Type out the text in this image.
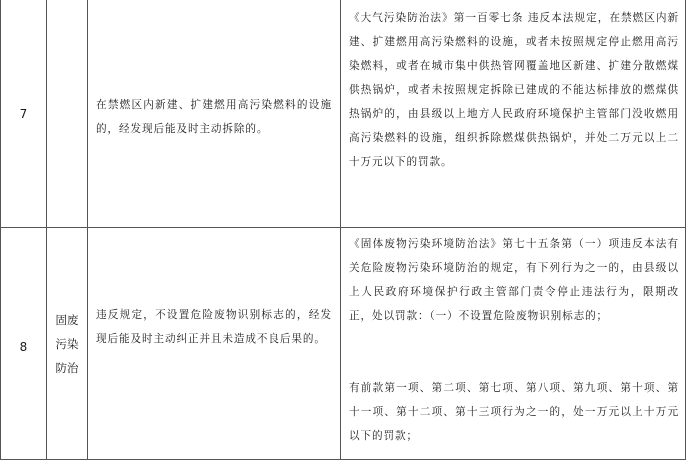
7
在禁燃区内新建、扩建燃用高污染燃料的设施的，经发现后能及时主动拆除的。
《大气污染防治法》第一百零七条 违反本法规定，在禁燃区内新建、扩建燃用高污染燃料的设施，或者未按照规定停止燃用高污染燃料，或者在城市集中供热管网覆盖地区新建、扩建分散燃煤供热锅炉，或者未按照规定拆除已建成的不能达标排放的燃煤供热锅炉的，由县级以上地方人民政府环境保护主管部门没收燃用高污染燃料的设施，组织拆除燃煤供热锅炉，并处二万元以上二十万元以下的罚款。
8
固废
污染
防治
违反规定，不设置危险废物识别标志的，经发现后能及时主动纠正并且未造成不良后果的。
《固体废物污染环境防治法》第七十五条第（一）项违反本法有关危险废物污染环境防治的规定，有下列行为之一的，由县级以上人民政府环境保护行政主管部门责令停止违法行为，限期改正，处以罚款：（一）不设置危险废物识别标志的；
有前款第一项、第二项、第七项、第八项、第九项、第十项、第十一项、第十二项、第十三项行为之一的，处一万元以上十万元以下的罚款；
